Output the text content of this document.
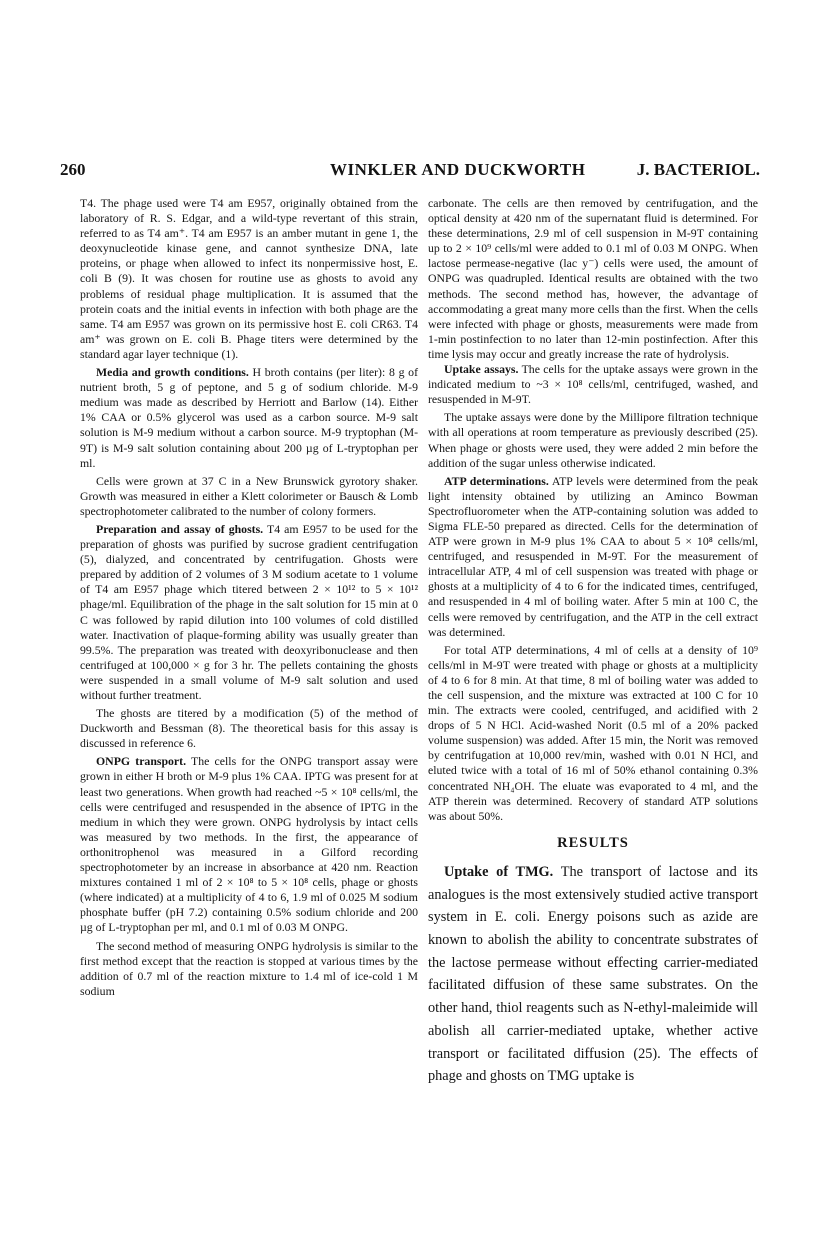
260	WINKLER AND DUCKWORTH	J. BACTERIOL.

T4. The phage used were T4 am E957, originally obtained from the laboratory of R. S. Edgar, and a wild-type revertant of this strain, referred to as T4 am⁺. T4 am E957 is an amber mutant in gene 1, the deoxynucleotide kinase gene, and cannot synthesize DNA, late proteins, or phage when allowed to infect its nonpermissive host, E. coli B (9). It was chosen for routine use as ghosts to avoid any problems of residual phage multiplication. It is assumed that the protein coats and the initial events in infection with both phage are the same. T4 am E957 was grown on its permissive host E. coli CR63. T4 am⁺ was grown on E. coli B. Phage titers were determined by the standard agar layer technique (1).

Media and growth conditions. H broth contains (per liter): 8 g of nutrient broth, 5 g of peptone, and 5 g of sodium chloride. M-9 medium was made as described by Herriott and Barlow (14). Either 1% CAA or 0.5% glycerol was used as a carbon source. M-9 salt solution is M-9 medium without a carbon source. M-9 tryptophan (M-9T) is M-9 salt solution containing about 200 µg of L-tryptophan per ml.

Cells were grown at 37 C in a New Brunswick gyrotory shaker. Growth was measured in either a Klett colorimeter or Bausch & Lomb spectrophotometer calibrated to the number of colony formers.

Preparation and assay of ghosts. T4 am E957 to be used for the preparation of ghosts was purified by sucrose gradient centrifugation (5), dialyzed, and concentrated by centrifugation. Ghosts were prepared by addition of 2 volumes of 3 M sodium acetate to 1 volume of T4 am E957 phage which titered between 2 × 10¹² to 5 × 10¹² phage/ml. Equilibration of the phage in the salt solution for 15 min at 0 C was followed by rapid dilution into 100 volumes of cold distilled water. Inactivation of plaque-forming ability was usually greater than 99.5%. The preparation was treated with deoxyribonuclease and then centrifuged at 100,000 × g for 3 hr. The pellets containing the ghosts were suspended in a small volume of M-9 salt solution and used without further treatment.

The ghosts are titered by a modification (5) of the method of Duckworth and Bessman (8). The theoretical basis for this assay is discussed in reference 6.

ONPG transport. The cells for the ONPG transport assay were grown in either H broth or M-9 plus 1% CAA. IPTG was present for at least two generations. When growth had reached ~5 × 10⁸ cells/ml, the cells were centrifuged and resuspended in the absence of IPTG in the medium in which they were grown. ONPG hydrolysis by intact cells was measured by two methods. In the first, the appearance of orthonitrophenol was measured in a Gilford recording spectrophotometer by an increase in absorbance at 420 nm. Reaction mixtures contained 1 ml of 2 × 10⁸ to 5 × 10⁸ cells, phage or ghosts (where indicated) at a multiplicity of 4 to 6, 1.9 ml of 0.025 M sodium phosphate buffer (pH 7.2) containing 0.5% sodium chloride and 200 µg of L-tryptophan per ml, and 0.1 ml of 0.03 M ONPG.

The second method of measuring ONPG hydrolysis is similar to the first method except that the reaction is stopped at various times by the addition of 0.7 ml of the reaction mixture to 1.4 ml of ice-cold 1 M sodium

carbonate. The cells are then removed by centrifugation, and the optical density at 420 nm of the supernatant fluid is determined. For these determinations, 2.9 ml of cell suspension in M-9T containing up to 2 × 10⁹ cells/ml were added to 0.1 ml of 0.03 M ONPG. When lactose permease-negative (lac y⁻) cells were used, the amount of ONPG was quadrupled. Identical results are obtained with the two methods. The second method has, however, the advantage of accommodating a great many more cells than the first. When the cells were infected with phage or ghosts, measurements were made from 1-min postinfection to no later than 12-min postinfection. After this time lysis may occur and greatly increase the rate of hydrolysis.

Uptake assays. The cells for the uptake assays were grown in the indicated medium to ~3 × 10⁸ cells/ml, centrifuged, washed, and resuspended in M-9T.

The uptake assays were done by the Millipore filtration technique with all operations at room temperature as previously described (25). When phage or ghosts were used, they were added 2 min before the addition of the sugar unless otherwise indicated.

ATP determinations. ATP levels were determined from the peak light intensity obtained by utilizing an Aminco Bowman Spectrofluorometer when the ATP-containing solution was added to Sigma FLE-50 prepared as directed. Cells for the determination of ATP were grown in M-9 plus 1% CAA to about 5 × 10⁸ cells/ml, centrifuged, and resuspended in M-9T. For the measurement of intracellular ATP, 4 ml of cell suspension was treated with phage or ghosts at a multiplicity of 4 to 6 for the indicated times, centrifuged, and resuspended in 4 ml of boiling water. After 5 min at 100 C, the cells were removed by centrifugation, and the ATP in the cell extract was determined.

For total ATP determinations, 4 ml of cells at a density of 10⁹ cells/ml in M-9T were treated with phage or ghosts at a multiplicity of 4 to 6 for 8 min. At that time, 8 ml of boiling water was added to the cell suspension, and the mixture was extracted at 100 C for 10 min. The extracts were cooled, centrifuged, and acidified with 2 drops of 5 N HCl. Acid-washed Norit (0.5 ml of a 20% packed volume suspension) was added. After 15 min, the Norit was removed by centrifugation at 10,000 rev/min, washed with 0.01 N HCl, and eluted twice with a total of 16 ml of 50% ethanol containing 0.3% concentrated NH₄OH. The eluate was evaporated to 4 ml, and the ATP therein was determined. Recovery of standard ATP solutions was about 50%.

RESULTS

Uptake of TMG. The transport of lactose and its analogues is the most extensively studied active transport system in E. coli. Energy poisons such as azide are known to abolish the ability to concentrate substrates of the lactose permease without effecting carrier-mediated facilitated diffusion of these same substrates. On the other hand, thiol reagents such as N-ethyl-maleimide will abolish all carrier-mediated uptake, whether active transport or facilitated diffusion (25). The effects of phage and ghosts on TMG uptake is
